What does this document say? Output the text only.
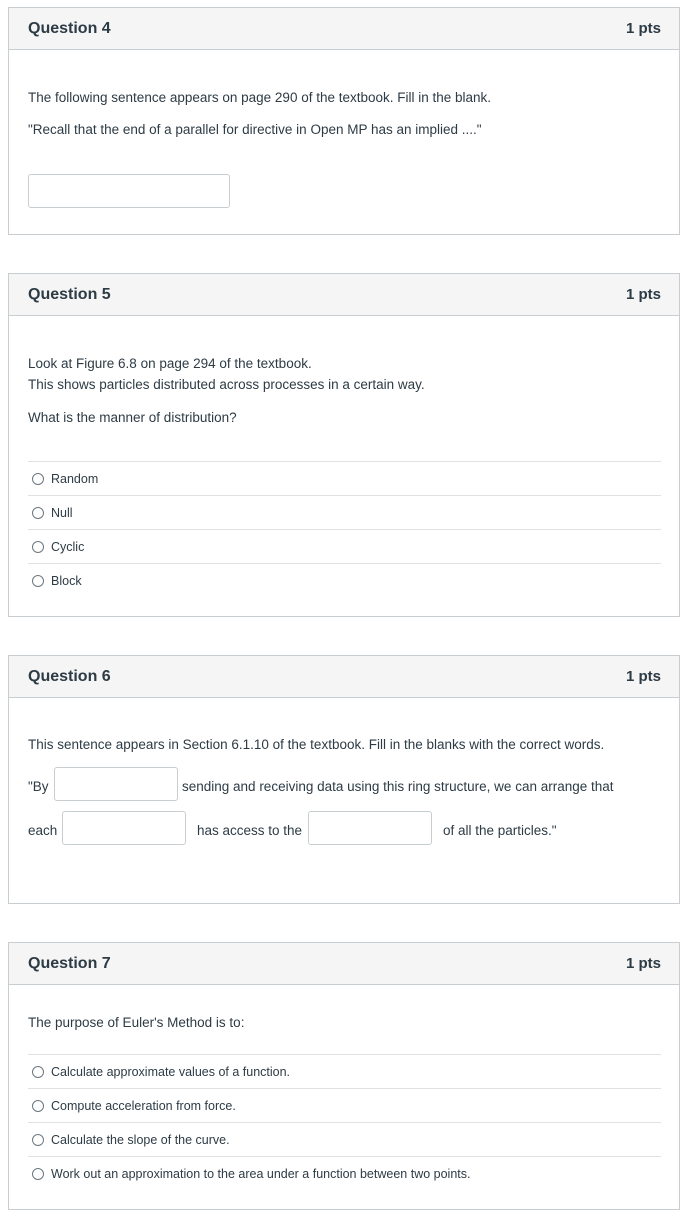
Question 4	1 pts
The following sentence appears on page 290 of the textbook. Fill in the blank.
"Recall that the end of a parallel for directive in Open MP has an implied ...."
Question 5	1 pts
Look at Figure 6.8 on page 294 of the textbook.
This shows particles distributed across processes in a certain way.
What is the manner of distribution?
Random
Null
Cyclic
Block
Question 6	1 pts
This sentence appears in Section 6.1.10 of the textbook. Fill in the blanks with the correct words.
"By	sending and receiving data using this ring structure, we can arrange that
each	has access to the	of all the particles."
Question 7	1 pts
The purpose of Euler's Method is to:
Calculate approximate values of a function.
Compute acceleration from force.
Calculate the slope of the curve.
Work out an approximation to the area under a function between two points.
